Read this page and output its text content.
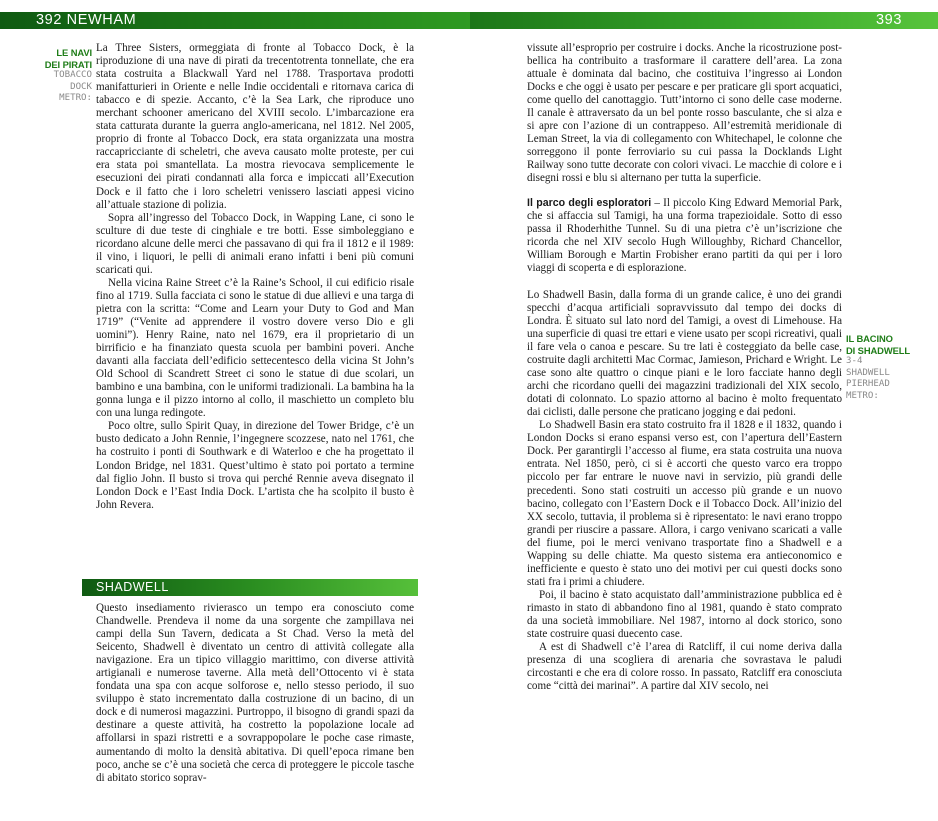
392 NEWHAM	393
LE NAVI
DEI PIRATI
TOBACCO
DOCK
METRO:

La Three Sisters, ormeggiata di fronte al Tobacco Dock, è la riproduzione di una nave di pirati da trecentotrenta tonnellate, che era stata costruita a Blackwall Yard nel 1788. Trasportava prodotti manifatturieri in Oriente e nelle Indie occidentali e ritornava carica di tabacco e di spezie. Accanto, c’è la Sea Lark, che riproduce uno merchant schooner americano del XVIII secolo. L’imbarcazione era stata catturata durante la guerra anglo-americana, nel 1812. Nel 2005, proprio di fronte al Tobacco Dock, era stata organizzata una mostra raccapricciante di scheletri, che aveva causato molte proteste, per cui era stata poi smantellata. La mostra rievocava semplicemente le esecuzioni dei pirati condannati alla forca e impiccati all’Execution Dock e il fatto che i loro scheletri venissero lasciati appesi vicino all’attuale stazione di polizia.

Sopra all’ingresso del Tobacco Dock, in Wapping Lane, ci sono le sculture di due teste di cinghiale e tre botti. Esse simboleggiano e ricordano alcune delle merci che passavano di qui fra il 1812 e il 1989: il vino, i liquori, le pelli di animali erano infatti i beni più comuni scaricati qui.

Nella vicina Raine Street c’è la Raine’s School, il cui edificio risale fino al 1719. Sulla facciata ci sono le statue di due allievi e una targa di pietra con la scritta: “Come and Learn your Duty to God and Man 1719” (“Venite ad apprendere il vostro dovere verso Dio e gli uomini”). Henry Raine, nato nel 1679, era il proprietario di un birrificio e ha finanziato questa scuola per bambini poveri. Anche davanti alla facciata dell’edificio settecentesco della vicina St John’s Old School di Scandrett Street ci sono le statue di due scolari, un bambino e una bambina, con le uniformi tradizionali. La bambina ha la gonna lunga e il pizzo intorno al collo, il maschietto un completo blu con una lunga redingote.

Poco oltre, sullo Spirit Quay, in direzione del Tower Bridge, c’è un busto dedicato a John Rennie, l’ingegnere scozzese, nato nel 1761, che ha costruito i ponti di Southwark e di Waterloo e che ha progettato il London Bridge, nel 1831. Quest’ultimo è stato poi portato a termine dal figlio John. Il busto si trova qui perché Rennie aveva disegnato il London Dock e l’East India Dock. L’artista che ha scolpito il busto è John Revera.

SHADWELL

Questo insediamento rivierasco un tempo era conosciuto come Chandwelle. Prendeva il nome da una sorgente che zampillava nei campi della Sun Tavern, dedicata a St Chad. Verso la metà del Seicento, Shadwell è diventato un centro di attività collegate alla navigazione. Era un tipico villaggio marittimo, con diverse attività artigianali e numerose taverne. Alla metà dell’Ottocento vi è stata fondata una spa con acque solforose e, nello stesso periodo, il suo sviluppo è stato incrementato dalla costruzione di un bacino, di un dock e di numerosi magazzini. Purtroppo, il bisogno di grandi spazi da destinare a queste attività, ha costretto la popolazione locale ad affollarsi in spazi ristretti e a sovrappopolare le poche case rimaste, aumentando di molto la densità abitativa. Di quell’epoca rimane ben poco, anche se c’è una società che cerca di proteggere le piccole tasche di abitato storico soprav-

vissute all’esproprio per costruire i docks. Anche la ricostruzione post-bellica ha contribuito a trasformare il carattere dell’area. La zona attuale è dominata dal bacino, che costituiva l’ingresso ai London Docks e che oggi è usato per pescare e per praticare gli sport acquatici, come quello del canottaggio. Tutt’intorno ci sono delle case moderne. Il canale è attraversato da un bel ponte rosso basculante, che si alza e si apre con l’azione di un contrappeso. All’estremità meridionale di Leman Street, la via di collegamento con Whitechapel, le colonne che sorreggono il ponte ferroviario su cui passa la Docklands Light Railway sono tutte decorate con colori vivaci. Le macchie di colore e i disegni rossi e blu si alternano per tutta la superficie.

Il parco degli esploratori – Il piccolo King Edward Memorial Park, che si affaccia sul Tamigi, ha una forma trapezioidale. Sotto di esso passa il Rhoderhithe Tunnel. Su di una pietra c’è un’iscrizione che ricorda che nel XIV secolo Hugh Willoughby, Richard Chancellor, William Borough e Martin Frobisher erano partiti da qui per i loro viaggi di scoperta e di esplorazione.

Lo Shadwell Basin, dalla forma di un grande calice, è uno dei grandi specchi d’acqua artificiali sopravvissuto dal tempo dei docks di Londra. È situato sul lato nord del Tamigi, a ovest di Limehouse. Ha una superficie di quasi tre ettari e viene usato per scopi ricreativi, quali il fare vela o canoa e pescare. Su tre lati è costeggiato da belle case, costruite dagli architetti Mac Cormac, Jamieson, Prichard e Wright. Le case sono alte quattro o cinque piani e le loro facciate hanno degli archi che ricordano quelli dei magazzini tradizionali del XIX secolo, dotati di colonnato. Lo spazio attorno al bacino è molto frequentato dai ciclisti, dalle persone che praticano jogging e dai pedoni.

Lo Shadwell Basin era stato costruito fra il 1828 e il 1832, quando i London Docks si erano espansi verso est, con l’apertura dell’Eastern Dock. Per garantirgli l’accesso al fiume, era stata costruita una nuova entrata. Nel 1850, però, ci si è accorti che questo varco era troppo piccolo per far entrare le nuove navi in servizio, più grandi delle precedenti. Sono stati costruiti un accesso più grande e un nuovo bacino, collegato con l’Eastern Dock e il Tobacco Dock. All’inizio del XX secolo, tuttavia, il problema si è ripresentato: le navi erano troppo grandi per riuscire a passare. Allora, i cargo venivano scaricati a valle del fiume, poi le merci venivano trasportate fino a Shadwell e a Wapping su delle chiatte. Ma questo sistema era antieconomico e inefficiente e questo è stato uno dei motivi per cui questi docks sono stati fra i primi a chiudere.

Poi, il bacino è stato acquistato dall’amministrazione pubblica ed è rimasto in stato di abbandono fino al 1981, quando è stato comprato da una società immobiliare. Nel 1987, intorno al dock storico, sono state costruire quasi duecento case.

A est di Shadwell c’è l’area di Ratcliff, il cui nome deriva dalla presenza di una scogliera di arenaria che sovrastava le paludi circostanti e che era di colore rosso. In passato, Ratcliff era conosciuta come “città dei marinai”. A partire dal XIV secolo, nei

IL BACINO
DI SHADWELL
3-4
SHADWELL
PIERHEAD
METRO:
